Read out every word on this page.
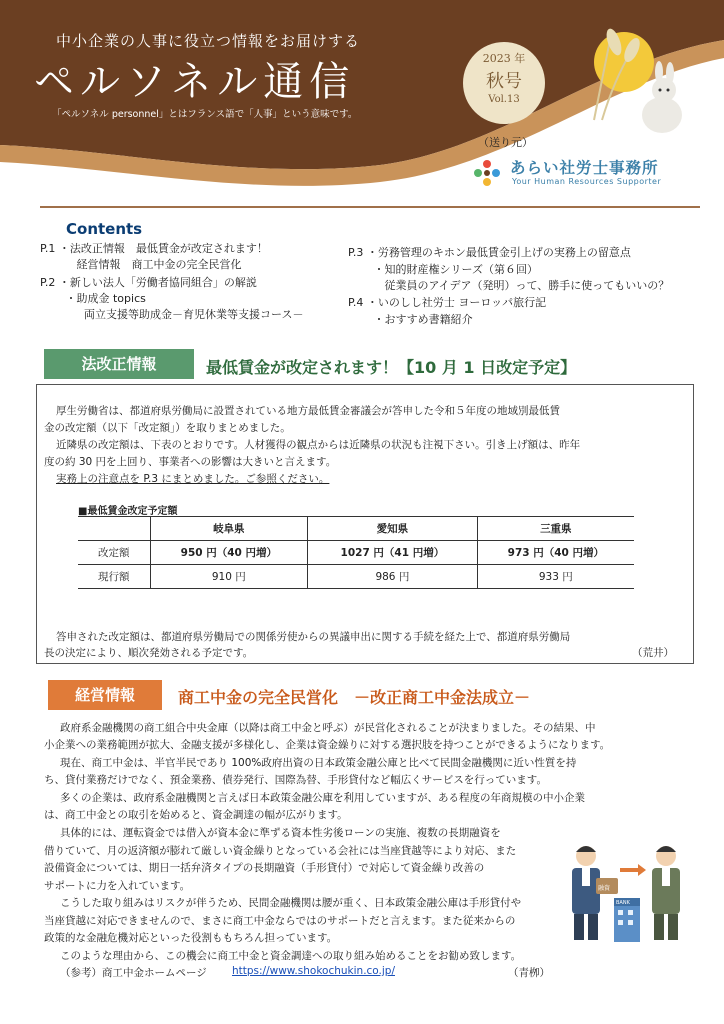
中小企業の人事に役立つ情報をお届けする
ペルソネル通信
「ペルソネル personnel」とはフランス語で「人事」という意味です。
2023 年
秋号
Vol.13
（送り元）
あらい社労士事務所
Your Human Resources Supporter
Contents
P.1 ・法改正情報　最低賃金が改定されます！
　　　 経営情報　商工中金の完全民営化
P.2 ・新しい法人「労働者協同組合」の解説
　　 ・助成金 topics
　　　　両立支援等助成金－育児休業等支援コース－
P.3 ・労務管理のキホン最低賃金引上げの実務上の留意点
　　 ・知的財産権シリーズ（第６回）
　　　 従業員のアイデア（発明）って、勝手に使ってもいいの？
P.4 ・いのしし社労士 ヨーロッパ旅行記
　　 ・おすすめ書籍紹介
法改正情報	最低賃金が改定されます！【10 月 1 日改定予定】
厚生労働省は、都道府県労働局に設置されている地方最低賃金審議会が答申した令和５年度の地域別最低賃
金の改定額（以下「改定額」）を取りまとめました。
近隣県の改定額は、下表のとおりです。人材獲得の観点からは近隣県の状況も注視下さい。引き上げ額は、昨年
度の約 30 円を上回り、事業者への影響は大きいと言えます。
実務上の注意点を P.3 にまとめました。ご参照ください。
■最低賃金改定予定額
	岐阜県	愛知県	三重県
改定額	950 円（40 円増）	1027 円（41 円増）	973 円（40 円増）
現行額	910 円	986 円	933 円
答申された改定額は、都道府県労働局での関係労使からの異議申出に関する手続を経た上で、都道府県労働局
長の決定により、順次発効される予定です。	（荒井）
経営情報	商工中金の完全民営化　－改正商工中金法成立－
政府系金融機関の商工組合中央金庫（以降は商工中金と呼ぶ）が民営化されることが決まりました。その結果、中
小企業への業務範囲が拡大、金融支援が多様化し、企業は資金繰りに対する選択肢を持つことができるようになります。
現在、商工中金は、半官半民であり 100%政府出資の日本政策金融公庫と比べて民間金融機関に近い性質を持
ち、貸付業務だけでなく、預金業務、債券発行、国際為替、手形貸付など幅広くサービスを行っています。
多くの企業は、政府系金融機関と言えば日本政策金融公庫を利用していますが、ある程度の年商規模の中小企業
は、商工中金との取引を始めると、資金調達の幅が広がります。
具体的には、運転資金では借入が資本金に準ずる資本性劣後ローンの実施、複数の長期融資を
借りていて、月の返済額が膨れて厳しい資金繰りとなっている会社には当座貸越等により対応、また
設備資金については、期日一括弁済タイプの長期融資（手形貸付）で対応して資金繰り改善の
サポートに力を入れています。
こうした取り組みはリスクが伴うため、民間金融機関は腰が重く、日本政策金融公庫は手形貸付や
当座貸越に対応できませんので、まさに商工中金ならではのサポートだと言えます。また従来からの
政策的な金融危機対応といった役割ももちろん担っています。
このような理由から、この機会に商工中金と資金調達への取り組み始めることをお勧め致します。
（参考）商工中金ホームページ https://www.shokochukin.co.jp/	（青栁）
融資
BANK
